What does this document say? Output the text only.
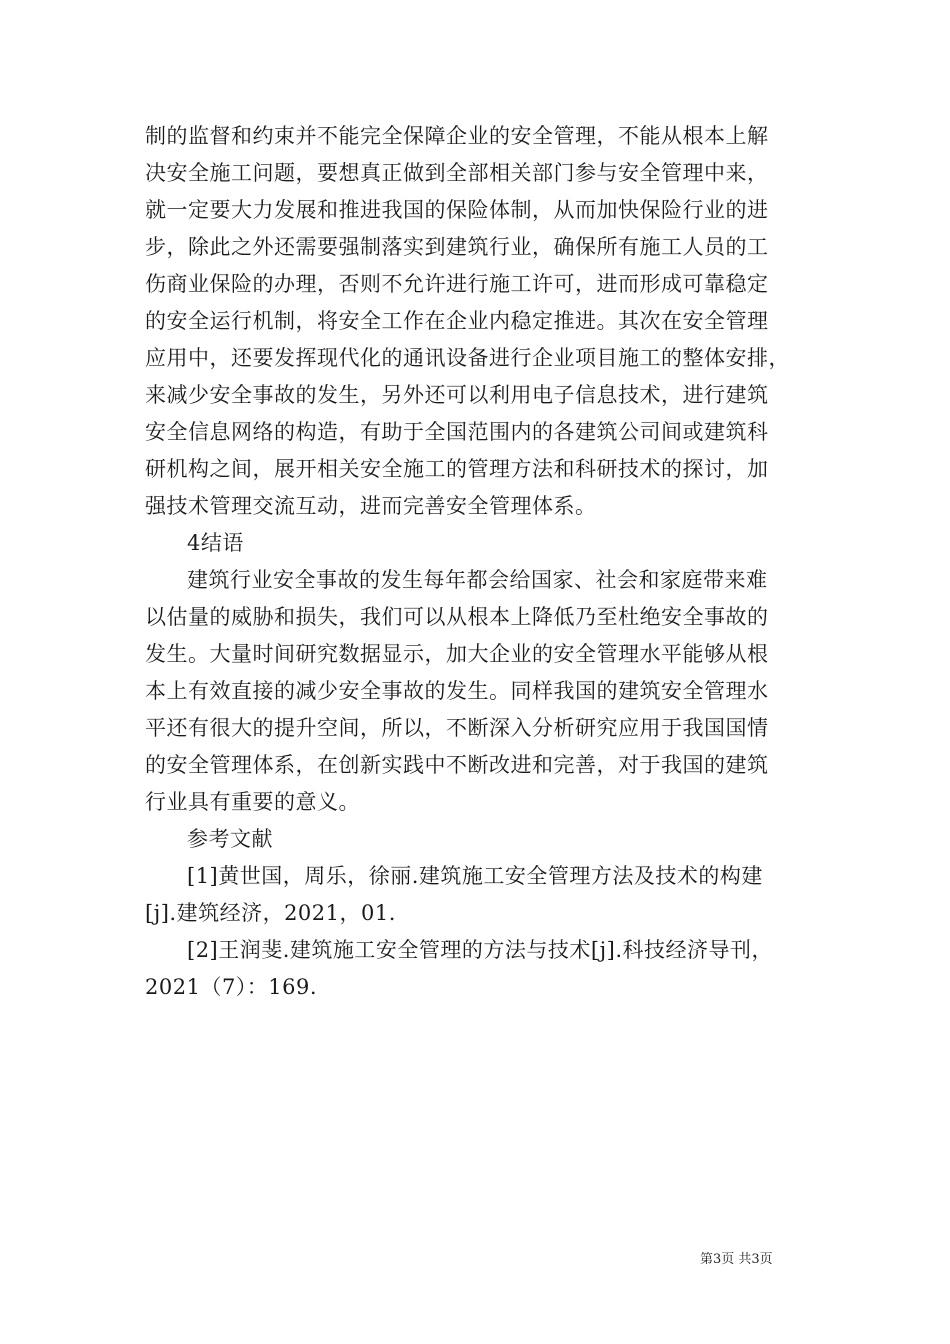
制的监督和约束并不能完全保障企业的安全管理，不能从根本上解
决安全施工问题，要想真正做到全部相关部门参与安全管理中来，
就一定要大力发展和推进我国的保险体制，从而加快保险行业的进
步，除此之外还需要强制落实到建筑行业，确保所有施工人员的工
伤商业保险的办理，否则不允许进行施工许可，进而形成可靠稳定
的安全运行机制，将安全工作在企业内稳定推进。其次在安全管理
应用中，还要发挥现代化的通讯设备进行企业项目施工的整体安排，
来减少安全事故的发生，另外还可以利用电子信息技术，进行建筑
安全信息网络的构造，有助于全国范围内的各建筑公司间或建筑科
研机构之间，展开相关安全施工的管理方法和科研技术的探讨，加
强技术管理交流互动，进而完善安全管理体系。
4结语
建筑行业安全事故的发生每年都会给国家、社会和家庭带来难
以估量的威胁和损失，我们可以从根本上降低乃至杜绝安全事故的
发生。大量时间研究数据显示，加大企业的安全管理水平能够从根
本上有效直接的减少安全事故的发生。同样我国的建筑安全管理水
平还有很大的提升空间，所以，不断深入分析研究应用于我国国情
的安全管理体系，在创新实践中不断改进和完善，对于我国的建筑
行业具有重要的意义。
参考文献
[1]黄世国，周乐，徐丽.建筑施工安全管理方法及技术的构建
[j].建筑经济，2021，01.
[2]王润斐.建筑施工安全管理的方法与技术[j].科技经济导刊，
2021（7）：169.
第3页 共3页
